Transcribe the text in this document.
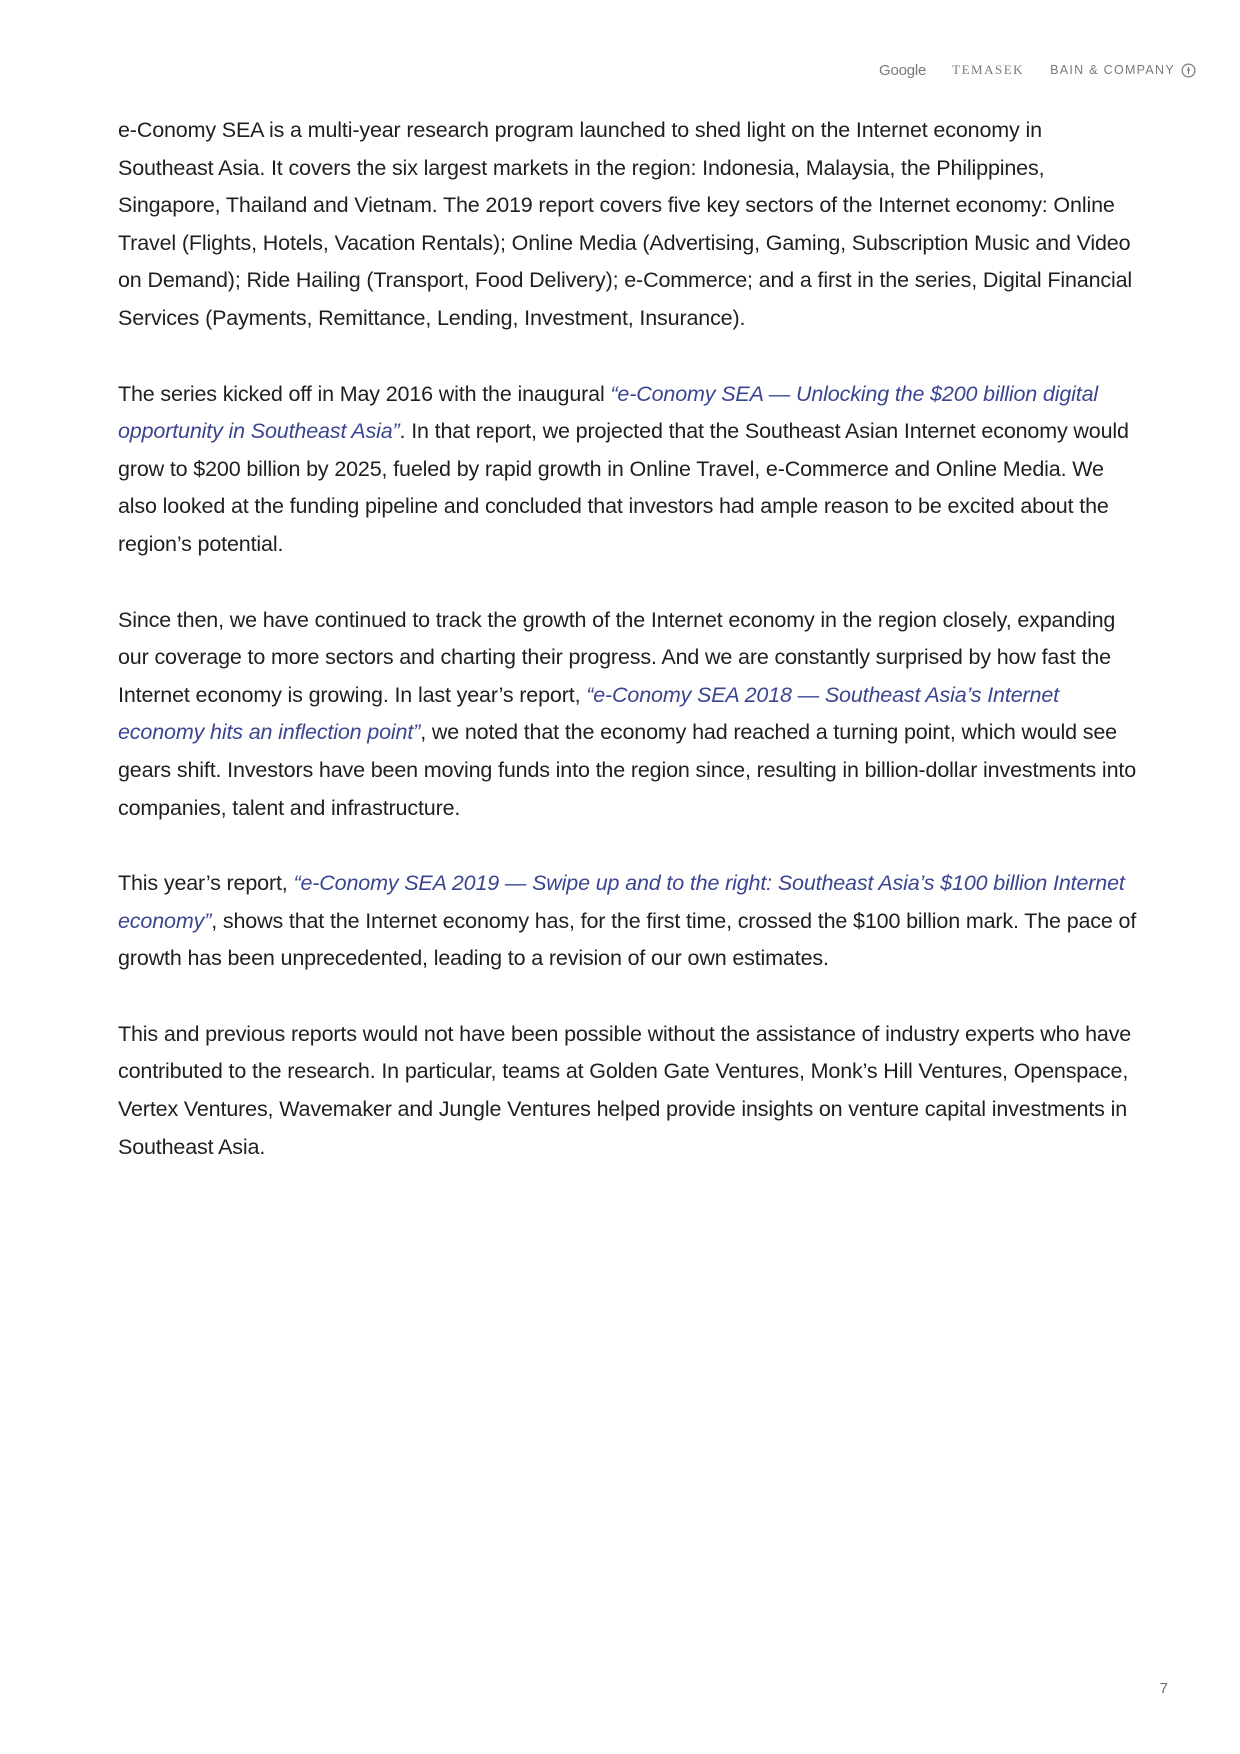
Google TEMASEK BAIN & COMPANY

e-Conomy SEA is a multi-year research program launched to shed light on the Internet economy in Southeast Asia. It covers the six largest markets in the region: Indonesia, Malaysia, the Philippines, Singapore, Thailand and Vietnam. The 2019 report covers five key sectors of the Internet economy: Online Travel (Flights, Hotels, Vacation Rentals); Online Media (Advertising, Gaming, Subscription Music and Video on Demand); Ride Hailing (Transport, Food Delivery); e-Commerce; and a first in the series, Digital Financial Services (Payments, Remittance, Lending, Investment, Insurance).

The series kicked off in May 2016 with the inaugural “e-Conomy SEA — Unlocking the $200 billion digital opportunity in Southeast Asia”. In that report, we projected that the Southeast Asian Internet economy would grow to $200 billion by 2025, fueled by rapid growth in Online Travel, e-Commerce and Online Media. We also looked at the funding pipeline and concluded that investors had ample reason to be excited about the region’s potential.

Since then, we have continued to track the growth of the Internet economy in the region closely, expanding our coverage to more sectors and charting their progress. And we are constantly surprised by how fast the Internet economy is growing. In last year’s report, “e-Conomy SEA 2018 — Southeast Asia’s Internet economy hits an inflection point”, we noted that the economy had reached a turning point, which would see gears shift. Investors have been moving funds into the region since, resulting in billion-dollar investments into companies, talent and infrastructure.

This year’s report, “e-Conomy SEA 2019 — Swipe up and to the right: Southeast Asia’s $100 billion Internet economy”, shows that the Internet economy has, for the first time, crossed the $100 billion mark. The pace of growth has been unprecedented, leading to a revision of our own estimates.

This and previous reports would not have been possible without the assistance of industry experts who have contributed to the research. In particular, teams at Golden Gate Ventures, Monk’s Hill Ventures, Openspace, Vertex Ventures, Wavemaker and Jungle Ventures helped provide insights on venture capital investments in Southeast Asia.

7
